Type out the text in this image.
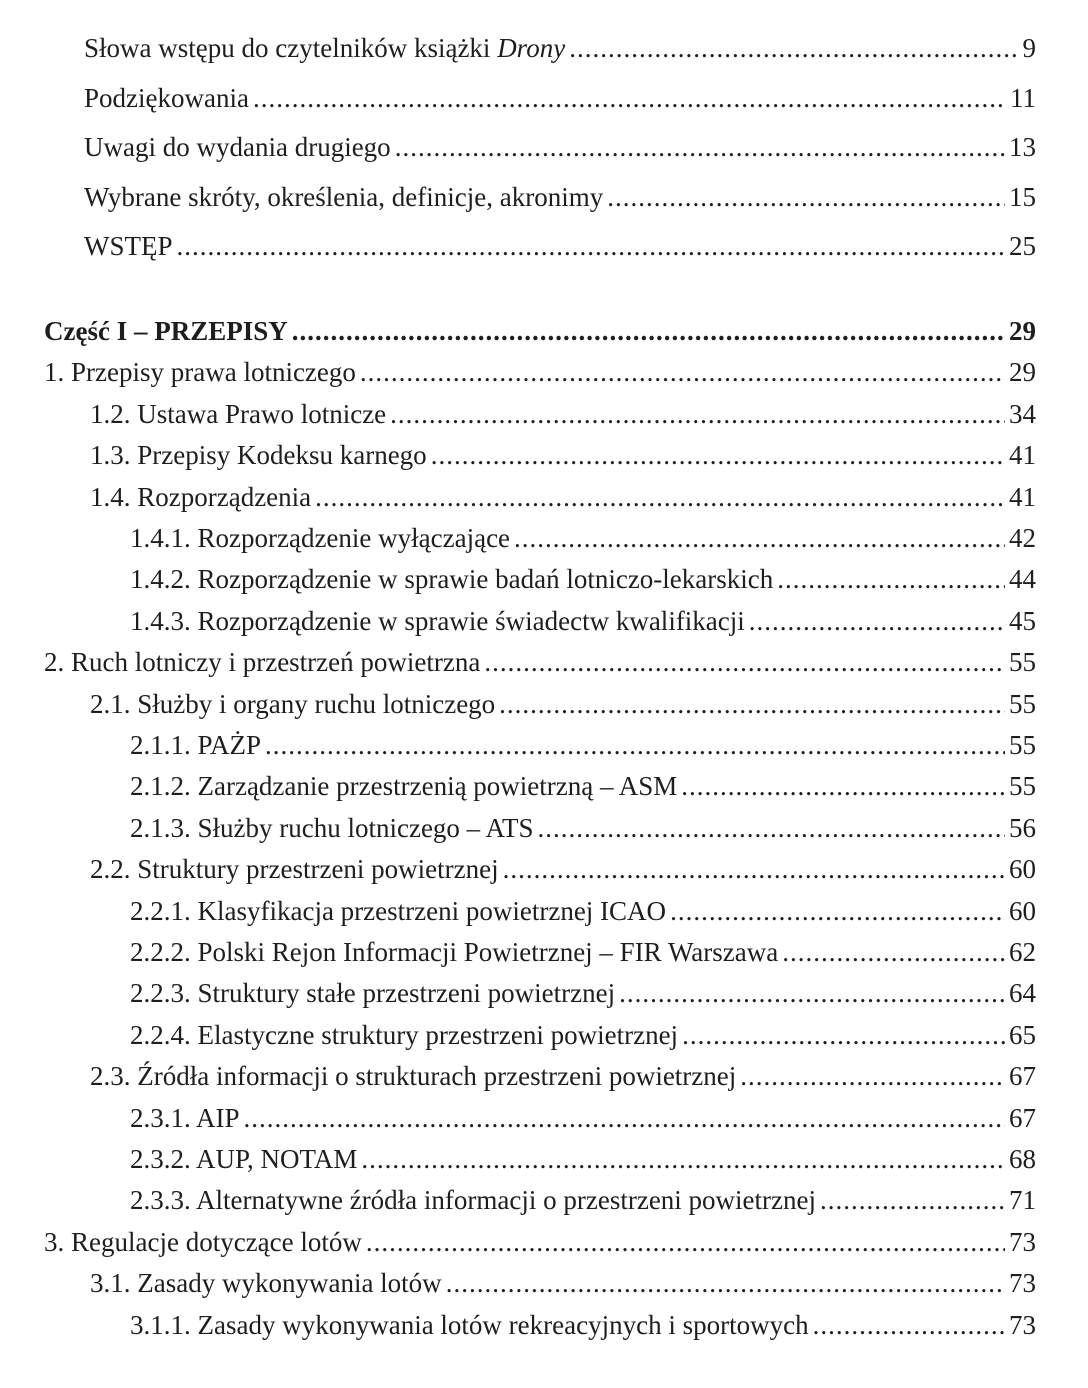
Słowa wstępu do czytelników książki Drony .....	9
Podziękowania .....	11
Uwagi do wydania drugiego .....	13
Wybrane skróty, określenia, definicje, akronimy .....	15
WSTĘP .....	25
Część I – PRZEPISY .....	29
1. Przepisy prawa lotniczego .....	29
1.2. Ustawa Prawo lotnicze .....	34
1.3. Przepisy Kodeksu karnego .....	41
1.4. Rozporządzenia .....	41
1.4.1. Rozporządzenie wyłączające .....	42
1.4.2. Rozporządzenie w sprawie badań lotniczo-lekarskich .....	44
1.4.3. Rozporządzenie w sprawie świadectw kwalifikacji .....	45
2. Ruch lotniczy i przestrzeń powietrzna .....	55
2.1. Służby i organy ruchu lotniczego .....	55
2.1.1. PAŻP .....	55
2.1.2. Zarządzanie przestrzenią powietrzną – ASM .....	55
2.1.3. Służby ruchu lotniczego – ATS .....	56
2.2. Struktury przestrzeni powietrznej .....	60
2.2.1. Klasyfikacja przestrzeni powietrznej ICAO .....	60
2.2.2. Polski Rejon Informacji Powietrznej – FIR Warszawa .....	62
2.2.3. Struktury stałe przestrzeni powietrznej .....	64
2.2.4. Elastyczne struktury przestrzeni powietrznej .....	65
2.3. Źródła informacji o strukturach przestrzeni powietrznej .....	67
2.3.1. AIP .....	67
2.3.2. AUP, NOTAM .....	68
2.3.3. Alternatywne źródła informacji o przestrzeni powietrznej .....	71
3. Regulacje dotyczące lotów .....	73
3.1. Zasady wykonywania lotów .....	73
3.1.1. Zasady wykonywania lotów rekreacyjnych i sportowych .....	73
